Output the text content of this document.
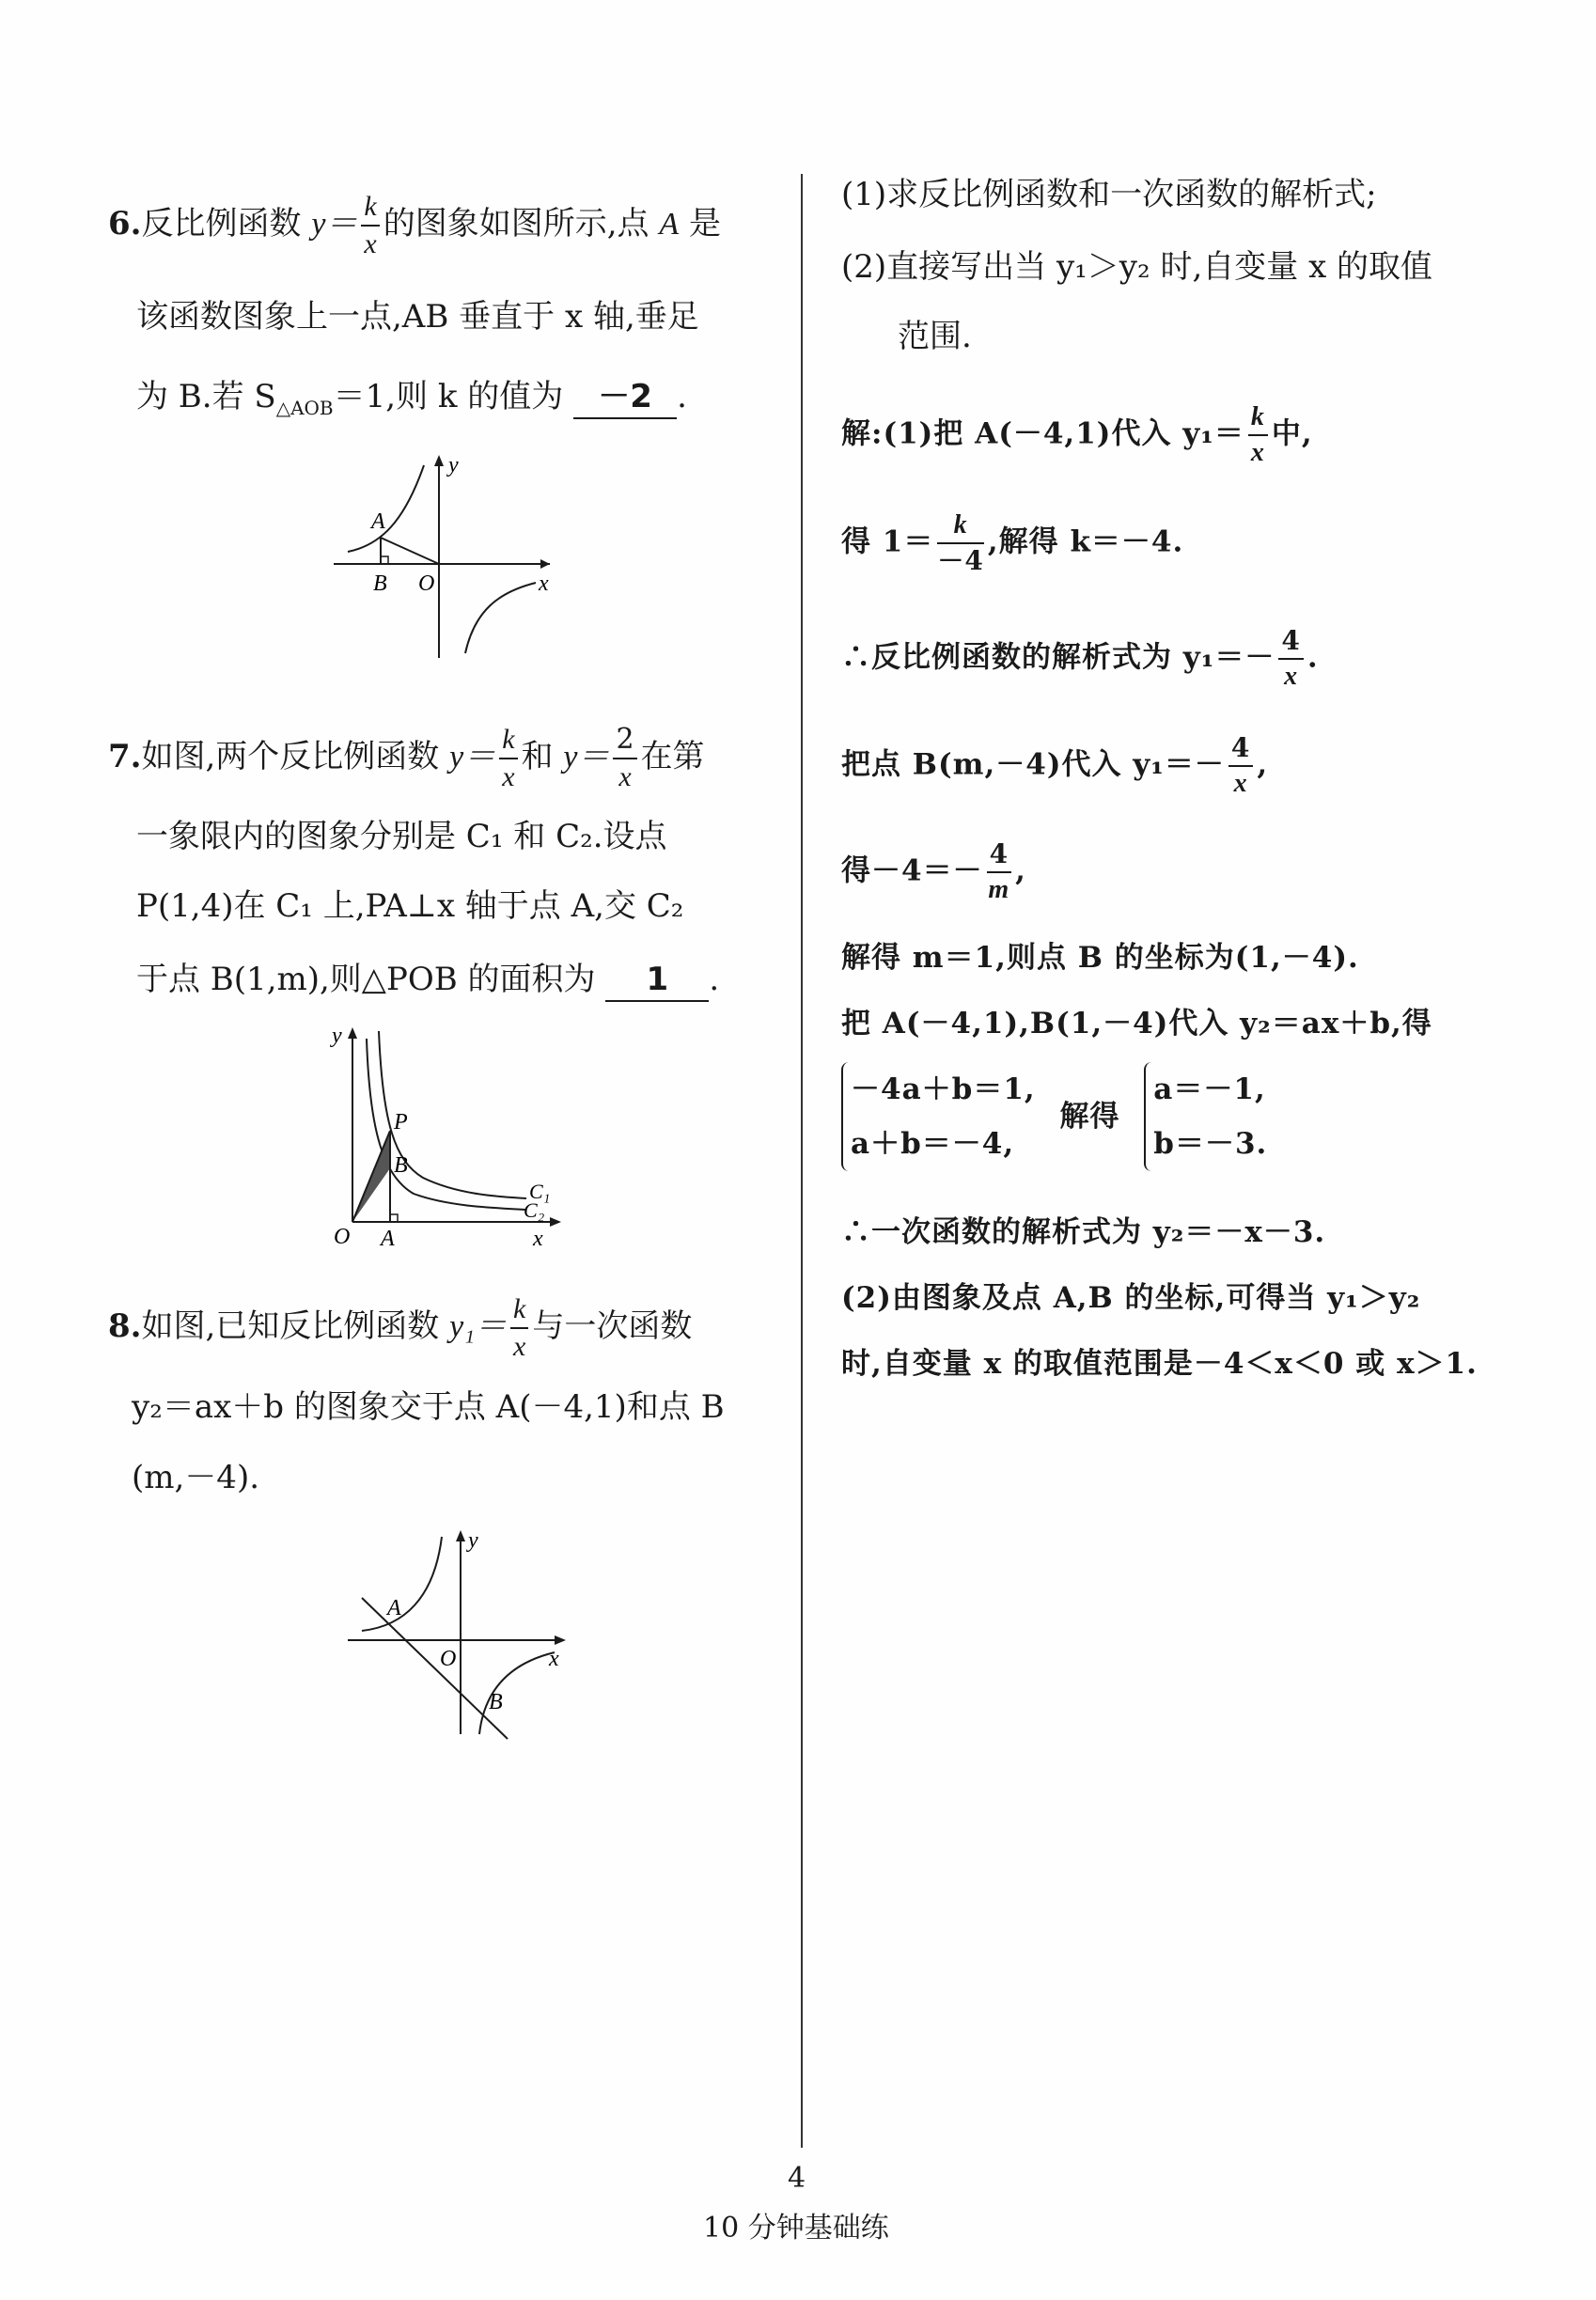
6.反比例函数 $y= \frac{k}{x}$ 的图象如图所示,点 A 是
该函数图象上一点,AB 垂直于 x 轴,垂足
为 B.若 $S_{\triangle AOB}=1$,则 k 的值为 －2 .
A
B O	x
y
7.如图,两个反比例函数 $y= \frac{k}{x}$ 和 $y= \frac{2}{x}$ 在第
一象限内的图象分别是 C₁ 和 C₂.设点
P(1,4)在 C₁ 上,PA⊥x 轴于点 A,交 C₂
于点 B(1,m),则△POB 的面积为 1 .
y
P
B
O A
C₁
C₂
x
8.如图,已知反比例函数 $y_1= \frac{k}{x}$ 与一次函数
y₂＝ax＋b 的图象交于点 A(－4,1)和点 B
(m,－4).
A
O
B
x
y
(1)求反比例函数和一次函数的解析式;
(2)直接写出当 y₁＞y₂ 时,自变量 x 的取值
范围.
解:(1)把 A(－4,1)代入 $y_1= \frac{k}{x}$ 中,
得 $1= \frac{k}{-4}$ ,解得 k＝－4.
∴反比例函数的解析式为 $y_1=- \frac{4}{x}$ .
把点 B(m,－4)代入 $y_1=- \frac{4}{x}$ ,
得$-4=- \frac{4}{m}$ ,
解得 m＝1,则点 B 的坐标为(1,－4).
把 A(－4,1),B(1,－4)代入 y₂＝ax＋b,得
－4a＋b＝1,
a＋b＝－4,
解得
a＝－1,
b＝－3.
∴一次函数的解析式为 y₂＝－x－3.
(2)由图象及点 A,B 的坐标,可得当 y₁＞y₂
时,自变量 x 的取值范围是－4＜x＜0 或 x＞1.
4
10 分钟基础练
